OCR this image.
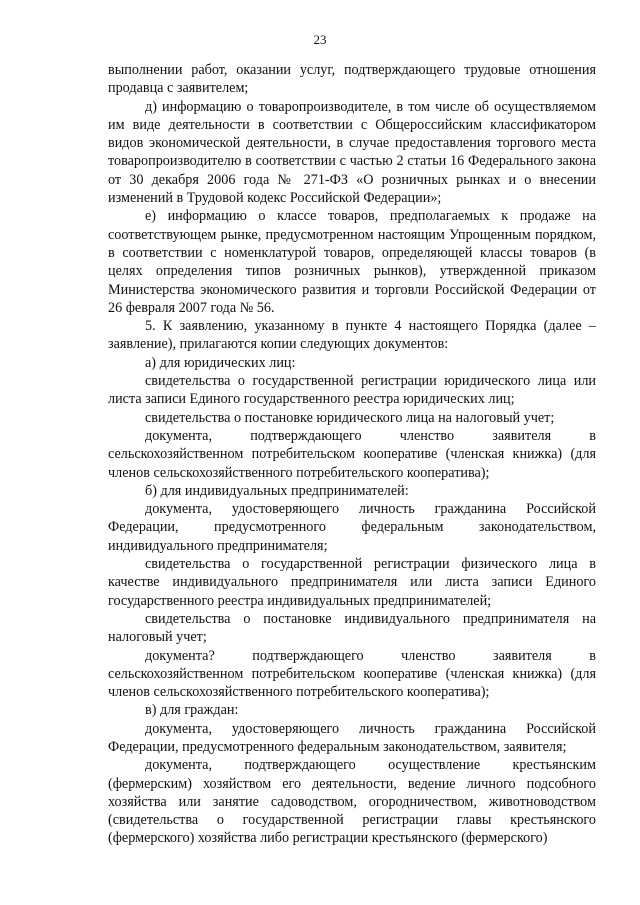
23

выполнении работ, оказании услуг, подтверждающего трудовые отношения продавца с заявителем;

д) информацию о товаропроизводителе, в том числе об осуществляемом им виде деятельности в соответствии с Общероссийским классификатором видов экономической деятельности, в случае предоставления торгового места товаропроизводителю в соответствии с частью 2 статьи 16 Федерального закона от 30 декабря 2006 года № 271-ФЗ «О розничных рынках и о внесении изменений в Трудовой кодекс Российской Федерации»;

е) информацию о классе товаров, предполагаемых к продаже на соответствующем рынке, предусмотренном настоящим Упрощенным порядком, в соответствии с номенклатурой товаров, определяющей классы товаров (в целях определения типов розничных рынков), утвержденной приказом Министерства экономического развития и торговли Российской Федерации от 26 февраля 2007 года № 56.

5. К заявлению, указанному в пункте 4 настоящего Порядка (далее – заявление), прилагаются копии следующих документов:

а) для юридических лиц:

свидетельства о государственной регистрации юридического лица или листа записи Единого государственного реестра юридических лиц;

свидетельства о постановке юридического лица на налоговый учет;

документа, подтверждающего членство заявителя в сельскохозяйственном потребительском кооперативе (членская книжка) (для членов сельскохозяйственного потребительского кооператива);

б) для индивидуальных предпринимателей:

документа, удостоверяющего личность гражданина Российской Федерации, предусмотренного федеральным законодательством, индивидуального предпринимателя;

свидетельства о государственной регистрации физического лица в качестве индивидуального предпринимателя или листа записи Единого государственного реестра индивидуальных предпринимателей;

свидетельства о постановке индивидуального предпринимателя на налоговый учет;

документа? подтверждающего членство заявителя в сельскохозяйственном потребительском кооперативе (членская книжка) (для членов сельскохозяйственного потребительского кооператива);

в) для граждан:

документа, удостоверяющего личность гражданина Российской Федерации, предусмотренного федеральным законодательством, заявителя;

документа, подтверждающего осуществление крестьянским (фермерским) хозяйством его деятельности, ведение личного подсобного хозяйства или занятие садоводством, огородничеством, животноводством (свидетельства о государственной регистрации главы крестьянского (фермерского) хозяйства либо регистрации крестьянского (фермерского)
